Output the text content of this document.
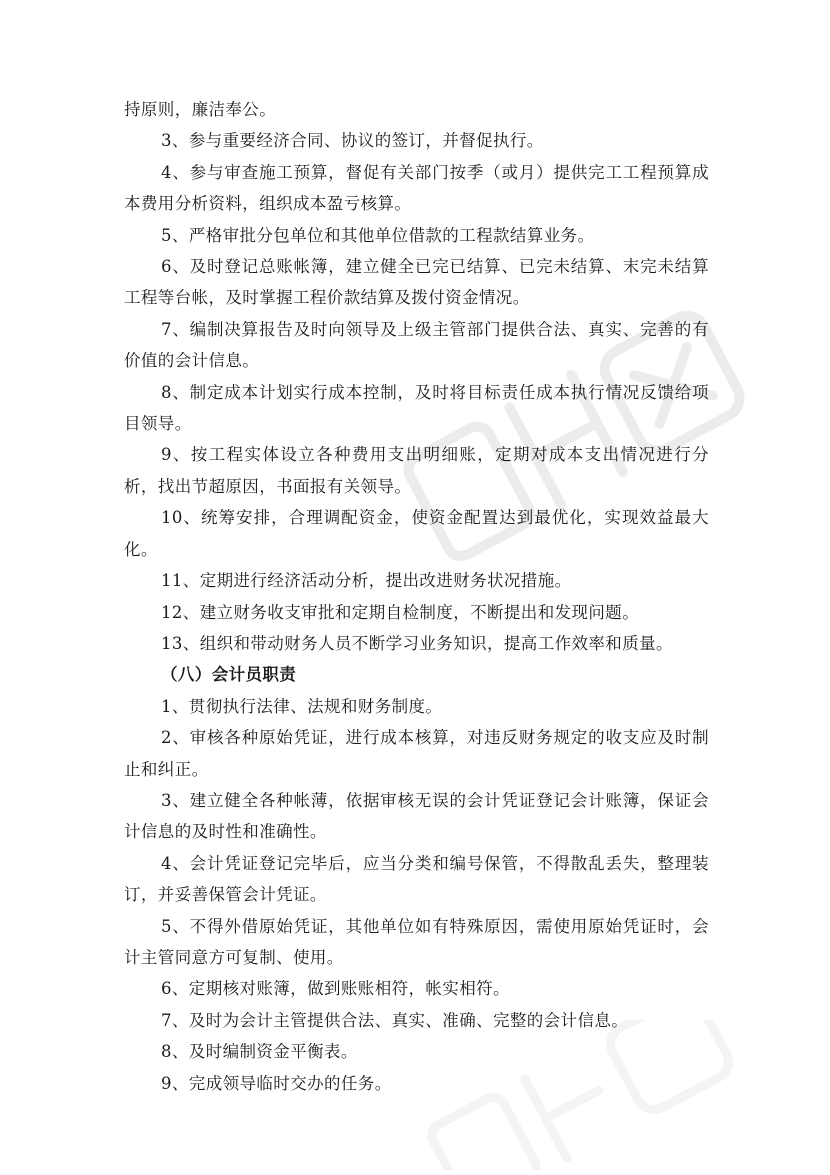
持原则，廉洁奉公。

3、参与重要经济合同、协议的签订，并督促执行。

4、参与审查施工预算，督促有关部门按季（或月）提供完工工程预算成本费用分析资料，组织成本盈亏核算。

5、严格审批分包单位和其他单位借款的工程款结算业务。

6、及时登记总账帐簿，建立健全已完已结算、已完未结算、末完未结算工程等台帐，及时掌握工程价款结算及拨付资金情况。

7、编制决算报告及时向领导及上级主管部门提供合法、真实、完善的有价值的会计信息。

8、制定成本计划实行成本控制，及时将目标责任成本执行情况反馈给项目领导。

9、按工程实体设立各种费用支出明细账，定期对成本支出情况进行分析，找出节超原因，书面报有关领导。

10、统筹安排，合理调配资金，使资金配置达到最优化，实现效益最大化。

11、定期进行经济活动分析，提出改进财务状况措施。

12、建立财务收支审批和定期自检制度，不断提出和发现问题。

13、组织和带动财务人员不断学习业务知识，提高工作效率和质量。

（八）会计员职责

1、贯彻执行法律、法规和财务制度。

2、审核各种原始凭证，进行成本核算，对违反财务规定的收支应及时制止和纠正。

3、建立健全各种帐薄，依据审核无误的会计凭证登记会计账簿，保证会计信息的及时性和准确性。

4、会计凭证登记完毕后，应当分类和编号保管，不得散乱丢失，整理装订，并妥善保管会计凭证。

5、不得外借原始凭证，其他单位如有特殊原因，需使用原始凭证时，会计主管同意方可复制、使用。

6、定期核对账簿，做到账账相符，帐实相符。

7、及时为会计主管提供合法、真实、准确、完整的会计信息。

8、及时编制资金平衡表。

9、完成领导临时交办的任务。
